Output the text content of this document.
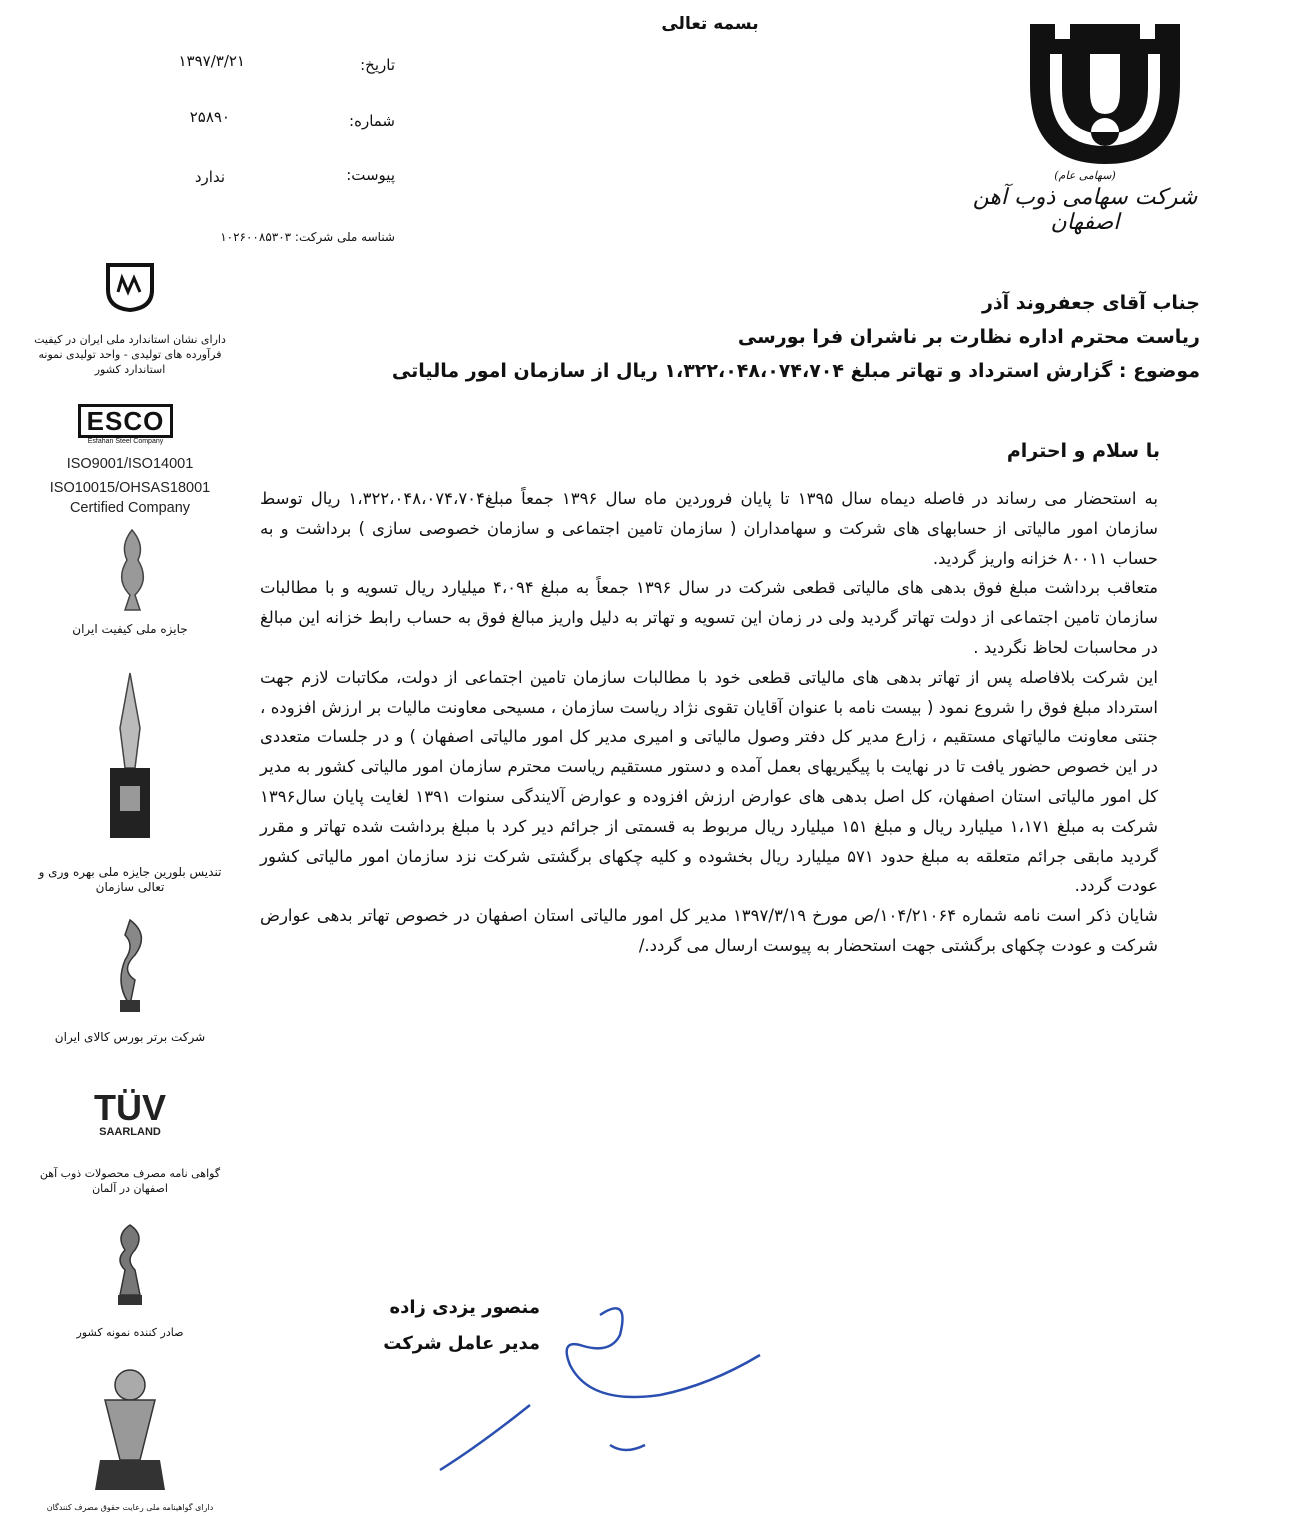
بسمه تعالی
تاریخ:
۱۳۹۷/۳/۲۱
شماره:
۲۵۸۹۰
پیوست:
ندارد
شناسه ملی شرکت: ۱۰۲۶۰۰۸۵۳۰۳
(سهامی عام)
شرکت سهامی ذوب آهن اصفهان
جناب آقای جعفروند آذر
ریاست محترم اداره نظارت بر ناشران فرا بورسی
موضوع : گزارش استرداد و تهاتر مبلغ ۱،۳۲۲،۰۴۸،۰۷۴،۷۰۴ ریال از سازمان امور مالیاتی
با سلام و احترام

به استحضار می رساند در فاصله دیماه سال ۱۳۹۵ تا پایان فروردین ماه سال ۱۳۹۶ جمعاً مبلغ۱،۳۲۲،۰۴۸،۰۷۴،۷۰۴ ریال توسط سازمان امور مالیاتی از حسابهای های شرکت و سهامداران ( سازمان تامین اجتماعی و سازمان خصوصی سازی ) برداشت و به حساب ۸۰۰۱۱ خزانه واریز گردید.

متعاقب برداشت مبلغ فوق بدهی های مالیاتی قطعی شرکت در سال ۱۳۹۶ جمعاً به مبلغ ۴،۰۹۴ میلیارد ریال تسویه و با مطالبات سازمان تامین اجتماعی از دولت تهاتر گردید ولی در زمان این تسویه و تهاتر به دلیل واریز مبالغ فوق به حساب رابط خزانه این مبالغ در محاسبات لحاظ نگردید .

این شرکت بلافاصله پس از تهاتر بدهی های مالیاتی قطعی خود با مطالبات سازمان تامین اجتماعی از دولت، مکاتبات لازم جهت استرداد مبلغ فوق را شروع نمود ( بیست نامه با عنوان آقایان تقوی نژاد ریاست سازمان ، مسیحی معاونت مالیات بر ارزش افزوده ، جنتی معاونت مالیاتهای مستقیم ، زارع مدیر کل دفتر وصول مالیاتی و امیری مدیر کل امور مالیاتی اصفهان ) و در جلسات متعددی در این خصوص حضور یافت تا در نهایت با پیگیریهای بعمل آمده و دستور مستقیم ریاست محترم سازمان امور مالیاتی کشور به مدیر کل امور مالیاتی استان اصفهان، کل اصل بدهی های عوارض ارزش افزوده و عوارض آلایندگی سنوات ۱۳۹۱ لغایت پایان سال۱۳۹۶ شرکت به مبلغ ۱،۱۷۱ میلیارد ریال و مبلغ ۱۵۱ میلیارد ریال مربوط به قسمتی از جرائم دیر کرد با مبلغ برداشت شده تهاتر و مقرر گردید مابقی جرائم متعلقه به مبلغ حدود ۵۷۱ میلیارد ریال بخشوده و کلیه چکهای برگشتی شرکت نزد سازمان امور مالیاتی کشور عودت گردد.

شایان ذکر است نامه شماره ۱۰۴/۲۱۰۶۴/ص مورخ ۱۳۹۷/۳/۱۹ مدیر کل امور مالیاتی استان اصفهان در خصوص تهاتر بدهی عوارض شرکت و عودت چکهای برگشتی جهت استحضار به پیوست ارسال می گردد./

منصور یزدی زاده
مدیر عامل شرکت
دارای نشان استاندارد ملی ایران در کیفیت فرآورده های تولیدی - واحد تولیدی نمونه استاندارد کشور
ESCO
Esfahan Steel Company
ISO9001/ISO14001
ISO10015/OHSAS18001
Certified Company
جایزه ملی کیفیت ایران
تندیس بلورین جایزه ملی بهره وری و تعالی سازمان
شرکت برتر بورس کالای ایران
TÜV
SAARLAND
گواهی نامه مصرف محصولات ذوب آهن اصفهان در آلمان
صادر کننده نمونه کشور
دارای گواهینامه ملی رعایت حقوق مصرف کنندگان
